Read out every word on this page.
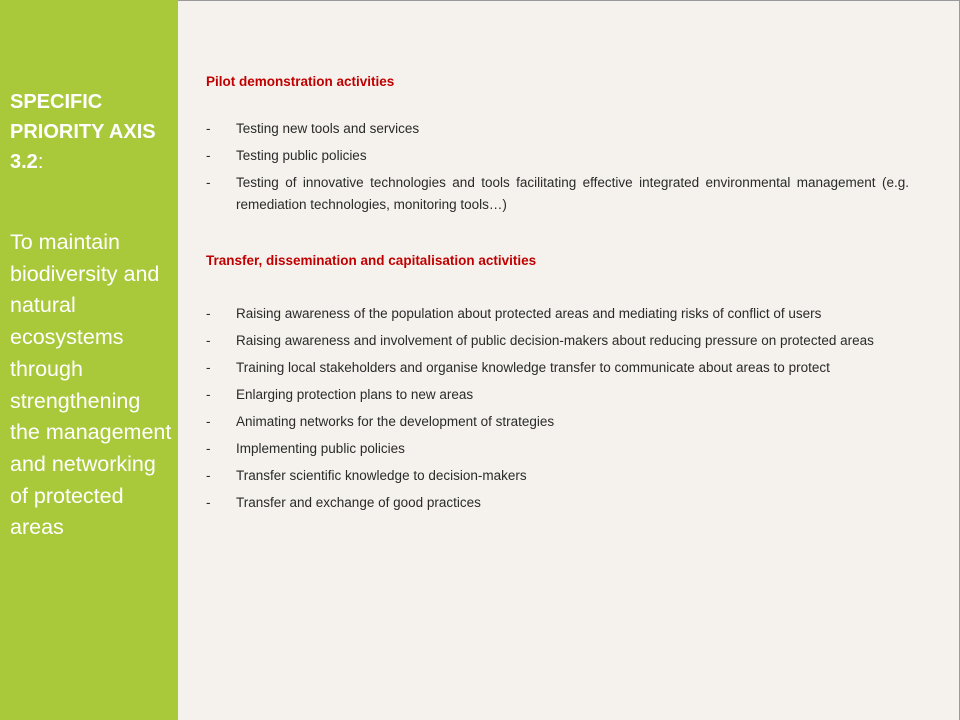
SPECIFIC PRIORITY AXIS 3.2:
To maintain biodiversity and natural ecosystems through strengthening the management and networking of protected areas
Pilot demonstration activities
-	Testing new tools and services
-	Testing public policies
-	Testing of innovative technologies and tools facilitating effective integrated environmental management (e.g. remediation technologies, monitoring tools…)
Transfer, dissemination and capitalisation activities
-	Raising awareness of the population about protected areas and mediating risks of conflict of users
-	Raising awareness and involvement of public decision-makers about reducing pressure on protected areas
-	Training local stakeholders and organise knowledge transfer to communicate about areas to protect
-	Enlarging protection plans to new areas
-	Animating networks for the development of strategies
-	Implementing public policies
-	Transfer scientific knowledge to decision-makers
-	Transfer and exchange of good practices
